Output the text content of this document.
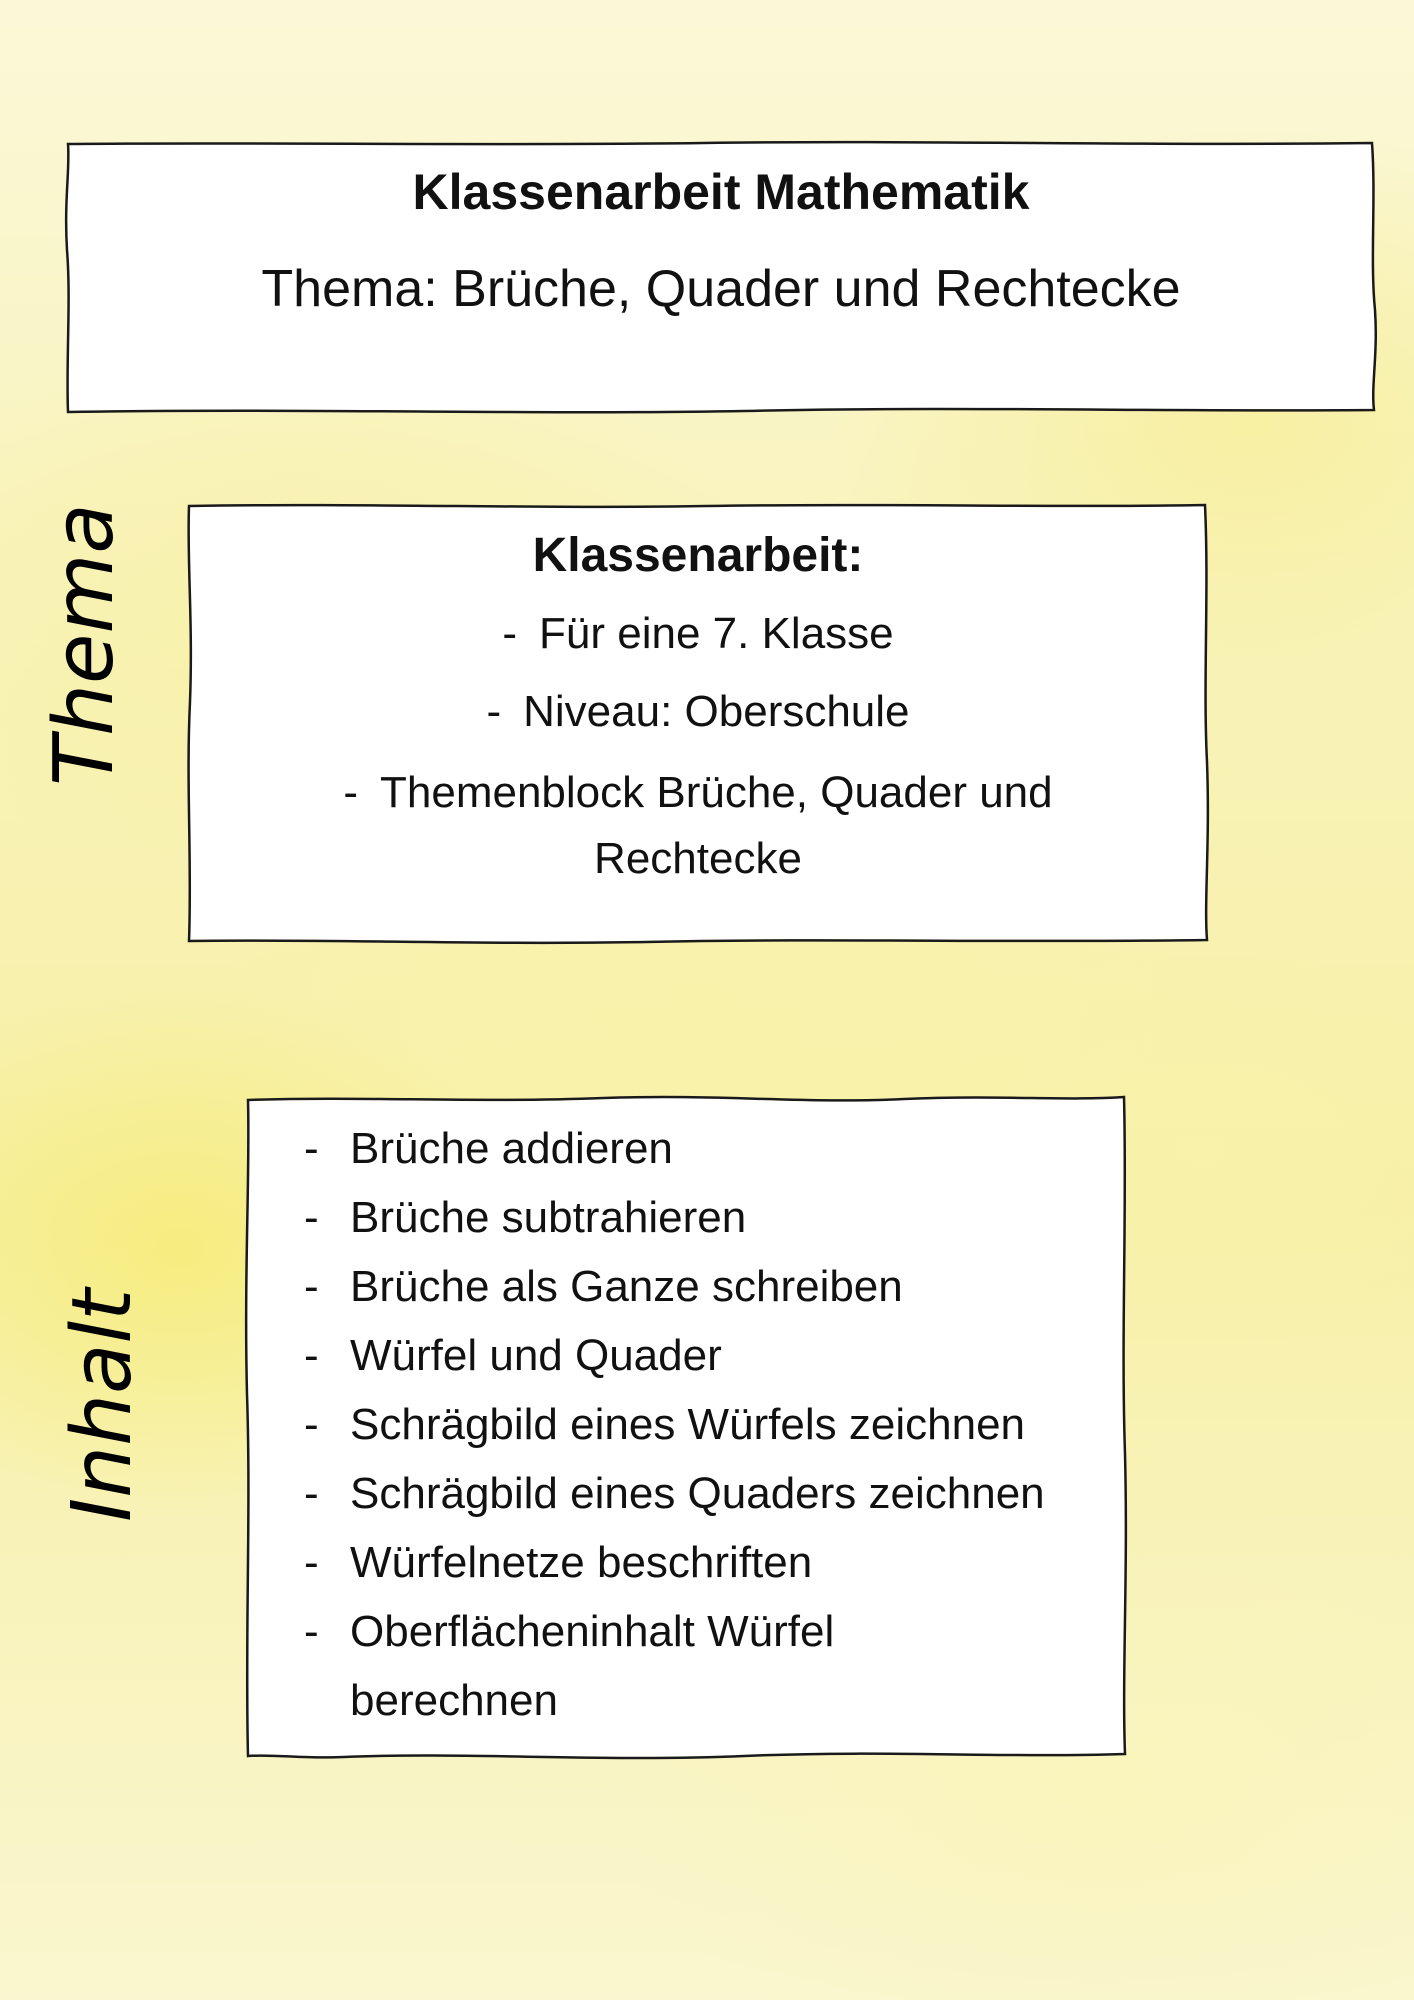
Klassenarbeit Mathematik
Thema: Brüche, Quader und Rechtecke
Thema	Klassenarbeit:
- Für eine 7. Klasse
- Niveau: Oberschule
- Themenblock Brüche, Quader und
Rechtecke
Inhalt
- Brüche addieren
- Brüche subtrahieren
- Brüche als Ganze schreiben
- Würfel und Quader
- Schrägbild eines Würfels zeichnen
- Schrägbild eines Quaders zeichnen
- Würfelnetze beschriften
- Oberflächeninhalt Würfel
berechnen
